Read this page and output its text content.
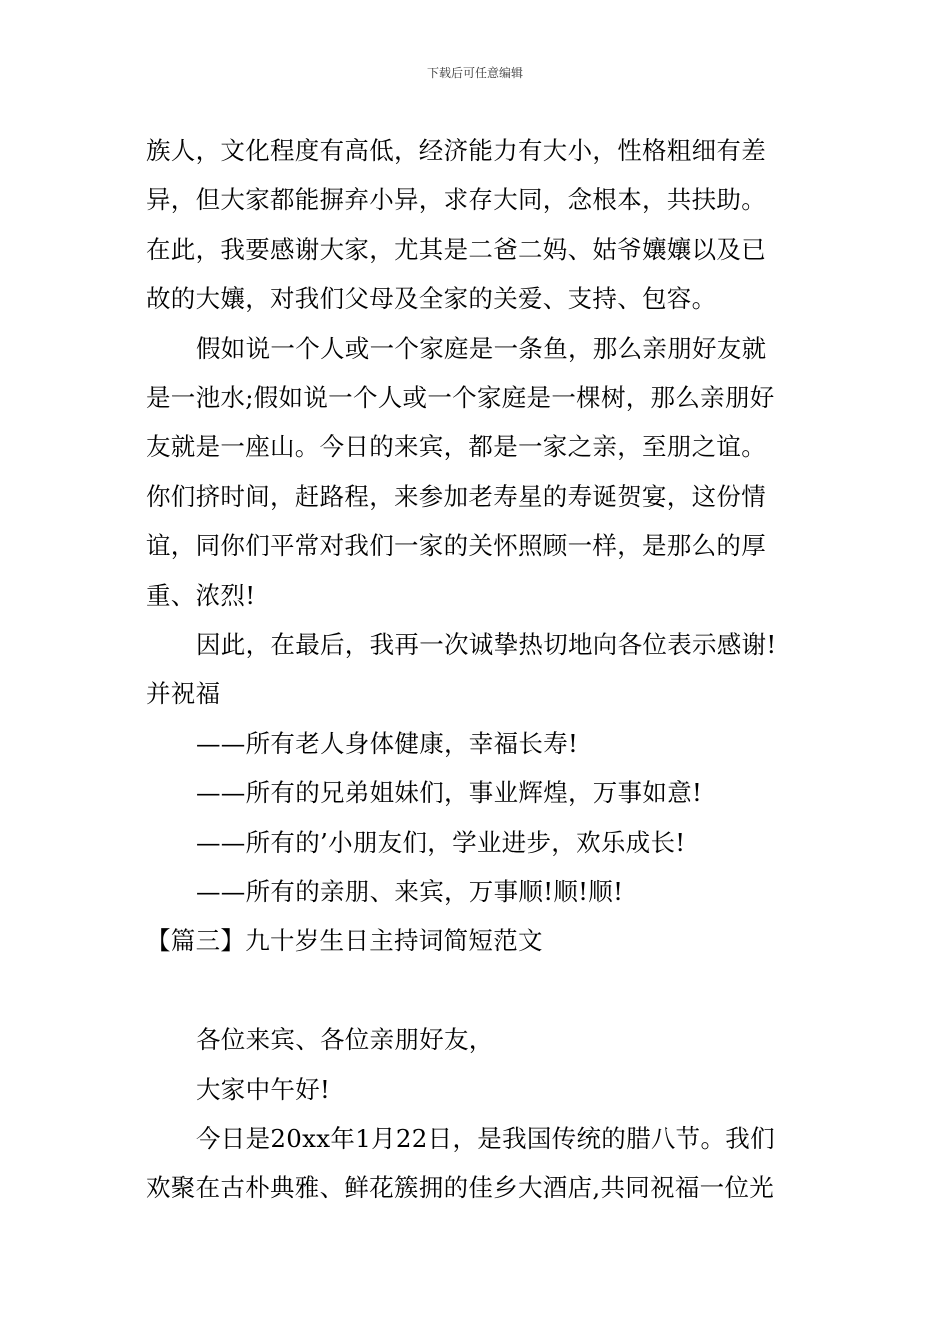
下载后可任意编辑
族人，文化程度有高低，经济能力有大小，性格粗细有差
异，但大家都能摒弃小异，求存大同，念根本，共扶助。
在此，我要感谢大家，尤其是二爸二妈、姑爷孃孃以及已
故的大孃，对我们父母及全家的关爱、支持、包容。
假如说一个人或一个家庭是一条鱼，那么亲朋好友就
是一池水;假如说一个人或一个家庭是一棵树，那么亲朋好
友就是一座山。今日的来宾，都是一家之亲，至朋之谊。
你们挤时间，赶路程，来参加老寿星的寿诞贺宴，这份情
谊，同你们平常对我们一家的关怀照顾一样，是那么的厚
重、浓烈!
因此，在最后，我再一次诚挚热切地向各位表示感谢!
并祝福
——所有老人身体健康，幸福长寿!
——所有的兄弟姐妹们，事业辉煌，万事如意!
——所有的’小朋友们，学业进步，欢乐成长!
——所有的亲朋、来宾，万事顺!顺!顺!
【篇三】九十岁生日主持词简短范文
各位来宾、各位亲朋好友，
大家中午好!
今日是20xx年1月22日，是我国传统的腊八节。我们
欢聚在古朴典雅、鲜花簇拥的佳乡大酒店,共同祝福一位光
